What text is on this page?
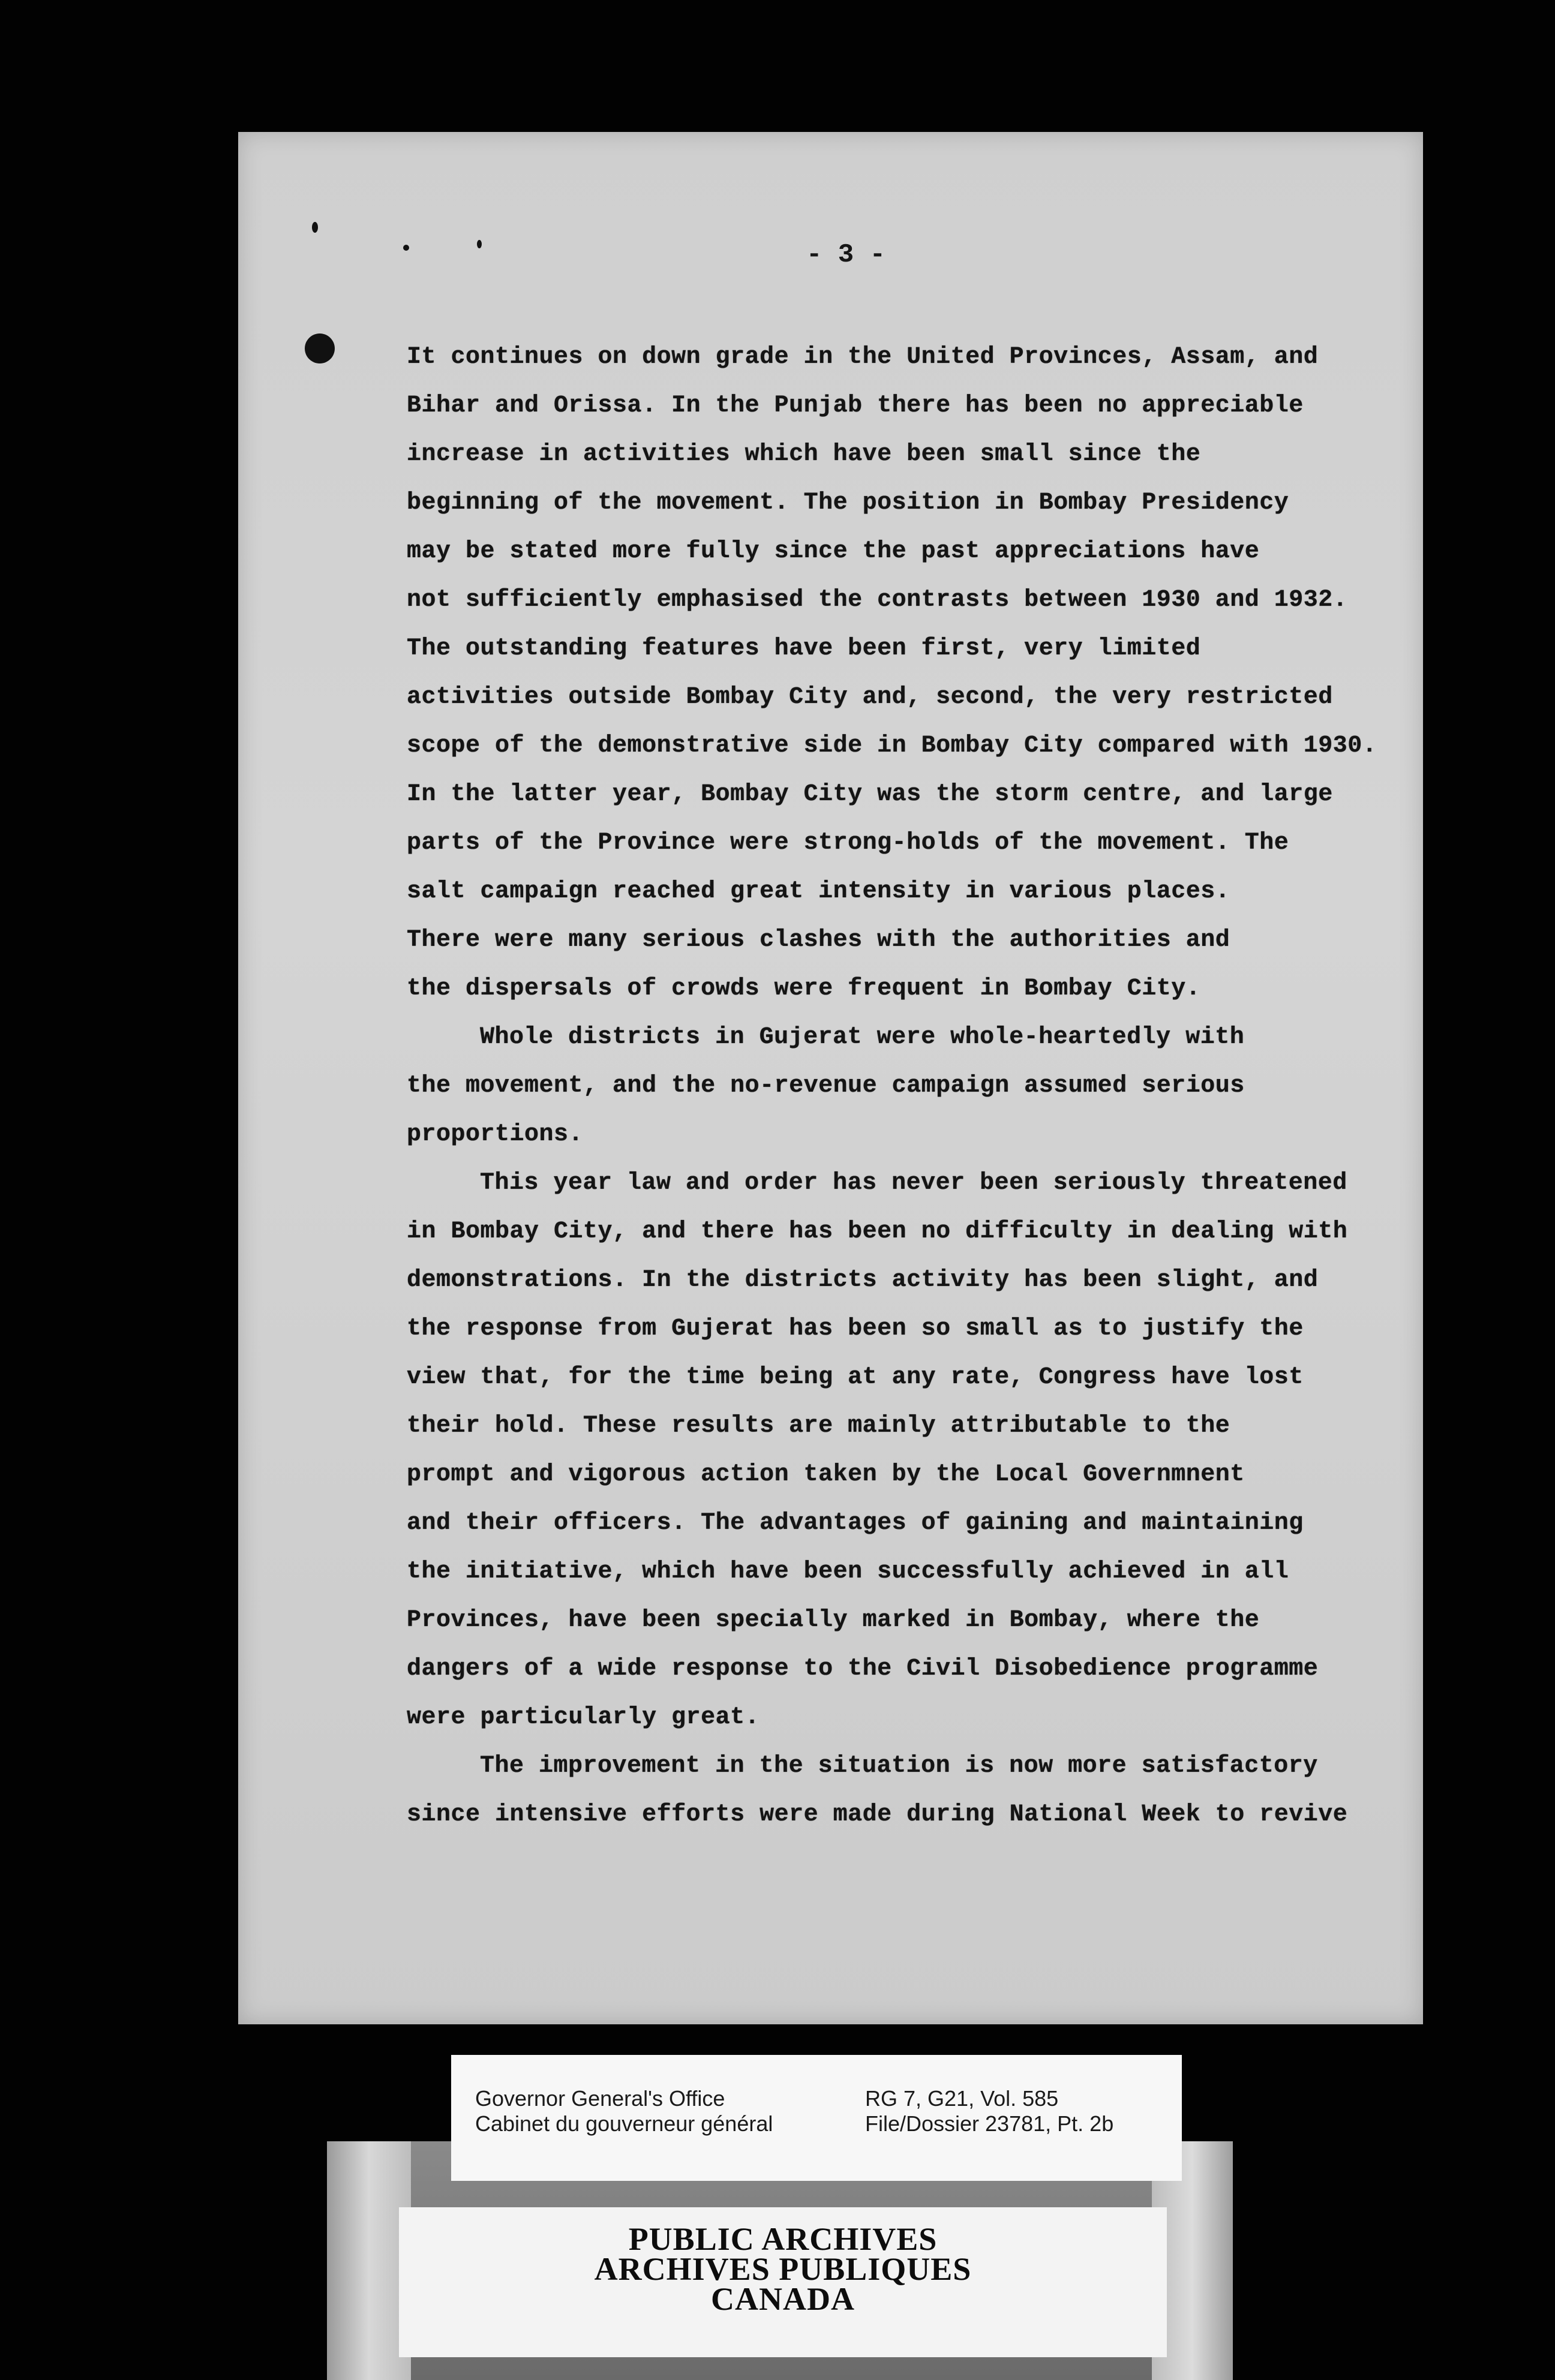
- 3 -
It continues on down grade in the United Provinces, Assam, and
Bihar and Orissa. In the Punjab there has been no appreciable
increase in activities which have been small since the
beginning of the movement. The position in Bombay Presidency
may be stated more fully since the past appreciations have
not sufficiently emphasised the contrasts between 1930 and 1932.
The outstanding features have been first, very limited
activities outside Bombay City and, second, the very restricted
scope of the demonstrative side in Bombay City compared with 1930.
In the latter year, Bombay City was the storm centre, and large
parts of the Province were strong-holds of the movement. The
salt campaign reached great intensity in various places.
There were many serious clashes with the authorities and
the dispersals of crowds were frequent in Bombay City.
Whole districts in Gujerat were whole-heartedly with
the movement, and the no-revenue campaign assumed serious
proportions.
This year law and order has never been seriously threatened
in Bombay City, and there has been no difficulty in dealing with
demonstrations. In the districts activity has been slight, and
the response from Gujerat has been so small as to justify the
view that, for the time being at any rate, Congress have lost
their hold. These results are mainly attributable to the
prompt and vigorous action taken by the Local Governmnent
and their officers. The advantages of gaining and maintaining
the initiative, which have been successfully achieved in all
Provinces, have been specially marked in Bombay, where the
dangers of a wide response to the Civil Disobedience programme
were particularly great.
The improvement in the situation is now more satisfactory
since intensive efforts were made during National Week to revive
Governor General's Office
Cabinet du gouverneur général
RG 7, G21, Vol. 585
File/Dossier 23781, Pt. 2b
PUBLIC ARCHIVES
ARCHIVES PUBLIQUES
CANADA
